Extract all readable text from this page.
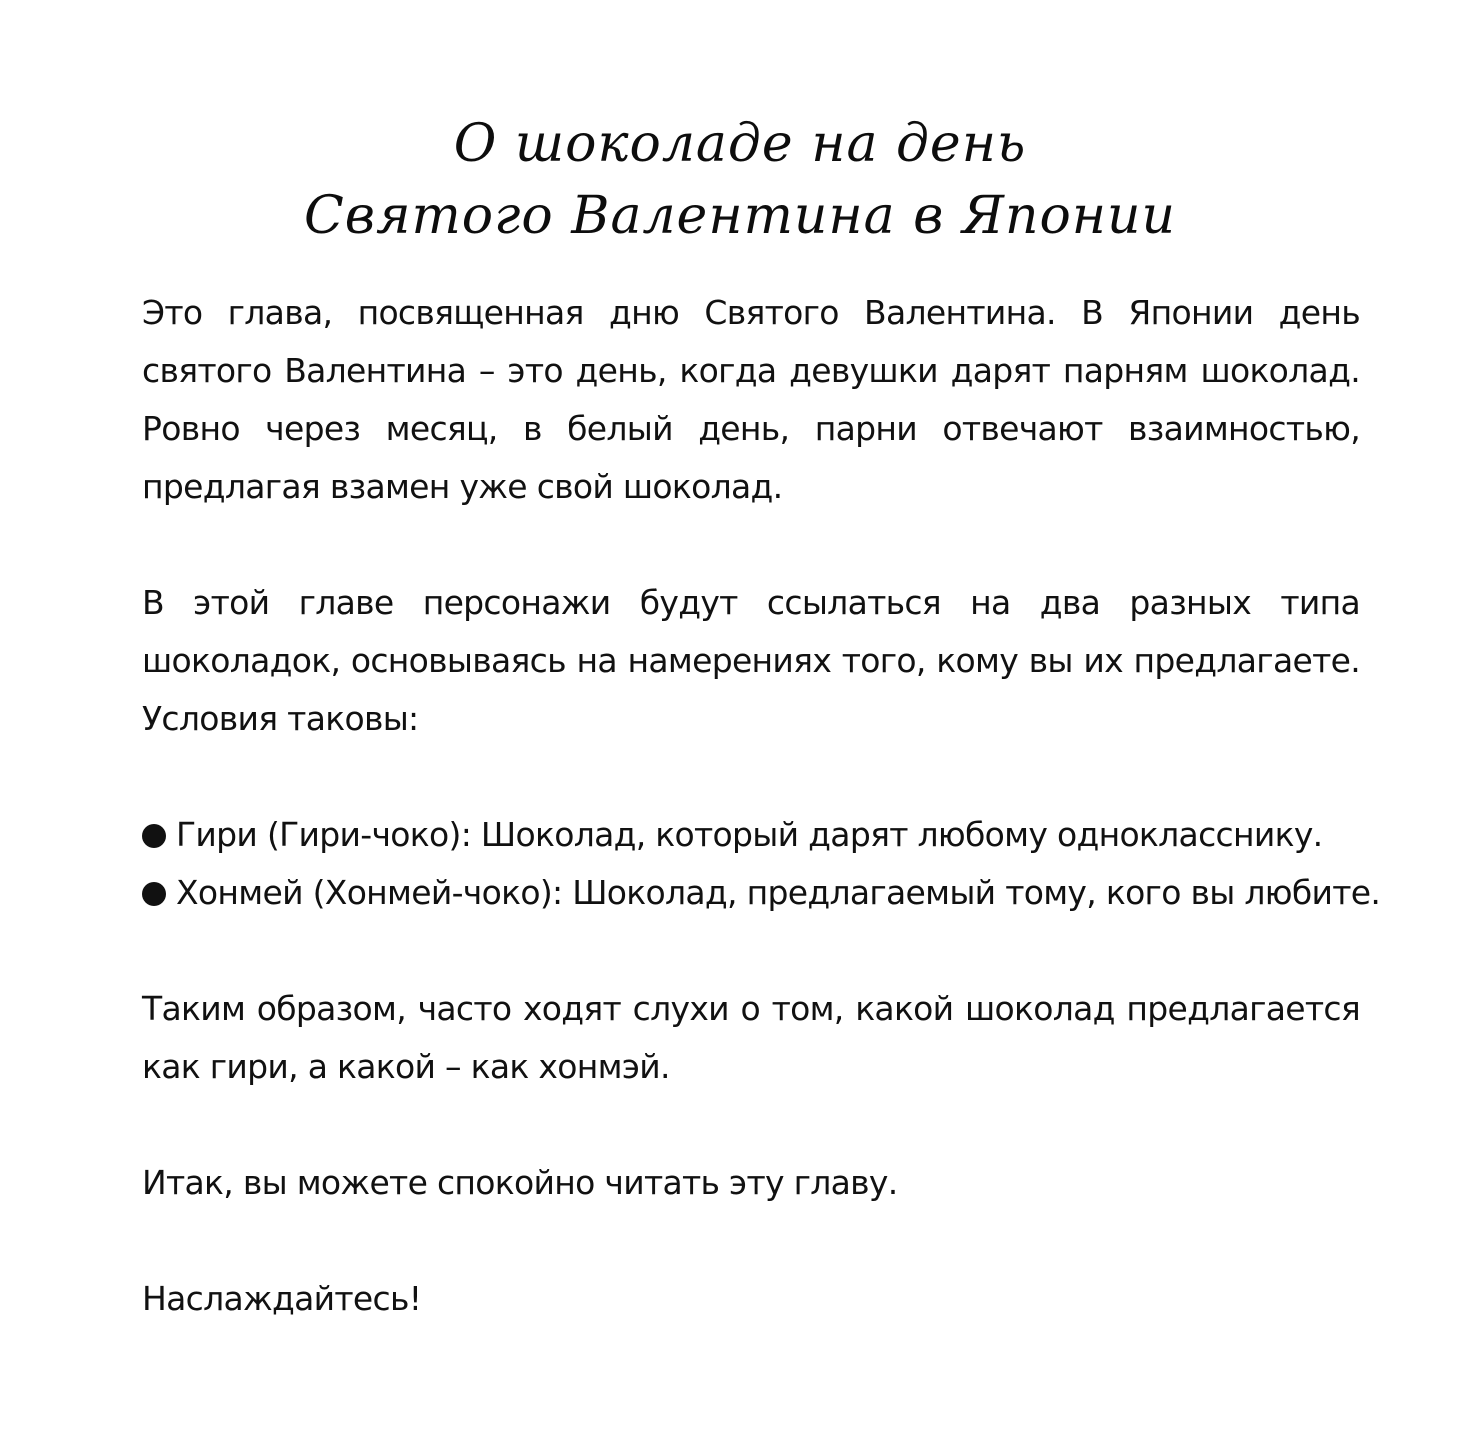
О шоколаде на день
Святого Валентина в Японии

Это глава, посвященная дню Святого Валентина. В Японии день святого Валентина – это день, когда девушки дарят парням шоколад. Ровно через месяц, в белый день, парни отвечают взаимностью, предлагая взамен уже свой шоколад.

В этой главе персонажи будут ссылаться на два разных типа шоколадок, основываясь на намерениях того, кому вы их предлагаете. Условия таковы:

Гири (Гири-чоко): Шоколад, который дарят любому однокласснику.
Хонмей (Хонмей-чоко): Шоколад, предлагаемый тому, кого вы любите.

Таким образом, часто ходят слухи о том, какой шоколад предлагается как гири, а какой – как хонмэй.

Итак, вы можете спокойно читать эту главу.

Наслаждайтесь!
